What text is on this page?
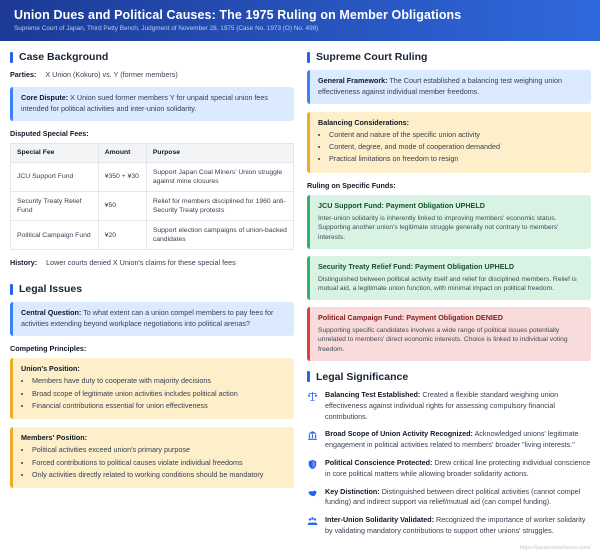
Union Dues and Political Causes: The 1975 Ruling on Member Obligations
Supreme Court of Japan, Third Petty Bench, Judgment of November 28, 1975 (Case No. 1973 (O) No. 499)
Case Background

Parties: X Union (Kokuro) vs. Y (former members)

Core Dispute: X Union sued former members Y for unpaid special union fees intended for political activities and inter-union solidarity.

Disputed Special Fees:

Special Fee	Amount	Purpose
JCU Support Fund	¥350 + ¥30	Support Japan Coal Miners' Union struggle against mine closures
Security Treaty Relief Fund	¥50	Relief for members disciplined for 1960 anti-Security Treaty protests
Political Campaign Fund	¥20	Support election campaigns of union-backed candidates

History: Lower courts denied X Union's claims for these special fees

Legal Issues

Central Question: To what extent can a union compel members to pay fees for activities extending beyond workplace negotiations into political arenas?

Competing Principles:

Union's Position:

• Members have duty to cooperate with majority decisions
• Broad scope of legitimate union activities includes political action
• Financial contributions essential for union effectiveness

Members' Position:

• Political activities exceed union's primary purpose
• Forced contributions to political causes violate individual freedoms
• Only activities directly related to working conditions should be mandatory
Supreme Court Ruling

General Framework: The Court established a balancing test weighing union effectiveness against individual member freedoms.

Balancing Considerations:

• Content and nature of the specific union activity
• Content, degree, and mode of cooperation demanded
• Practical limitations on freedom to resign

Ruling on Specific Funds:

JCU Support Fund: Payment Obligation UPHELD

Inter-union solidarity is inherently linked to improving members' economic status. Supporting another union's legitimate struggle generally not contrary to members' interests.

Security Treaty Relief Fund: Payment Obligation UPHELD

Distinguished between political activity itself and relief for disciplined members. Relief is mutual aid, a legitimate union function, with minimal impact on political freedom.

Political Campaign Fund: Payment Obligation DENIED

Supporting specific candidates involves a wide range of political issues potentially unrelated to members' direct economic interests. Choice is linked to individual voting freedom.

Legal Significance

Balancing Test Established: Created a flexible standard weighing union effectiveness against individual rights for assessing compulsory financial contributions.

Broad Scope of Union Activity Recognized: Acknowledged unions' legitimate engagement in political activities related to members' broader "living interests."

Political Conscience Protected: Drew critical line protecting individual conscience in core political matters while allowing broader solidarity actions.

Key Distinction: Distinguished between direct political activities (cannot compel funding) and indirect support via relief/mutual aid (can compel funding).

Inter-Union Solidarity Validated: Recognized the importance of worker solidarity by validating mandatory contributions to support other unions' struggles.

https://japancompliance.com/
